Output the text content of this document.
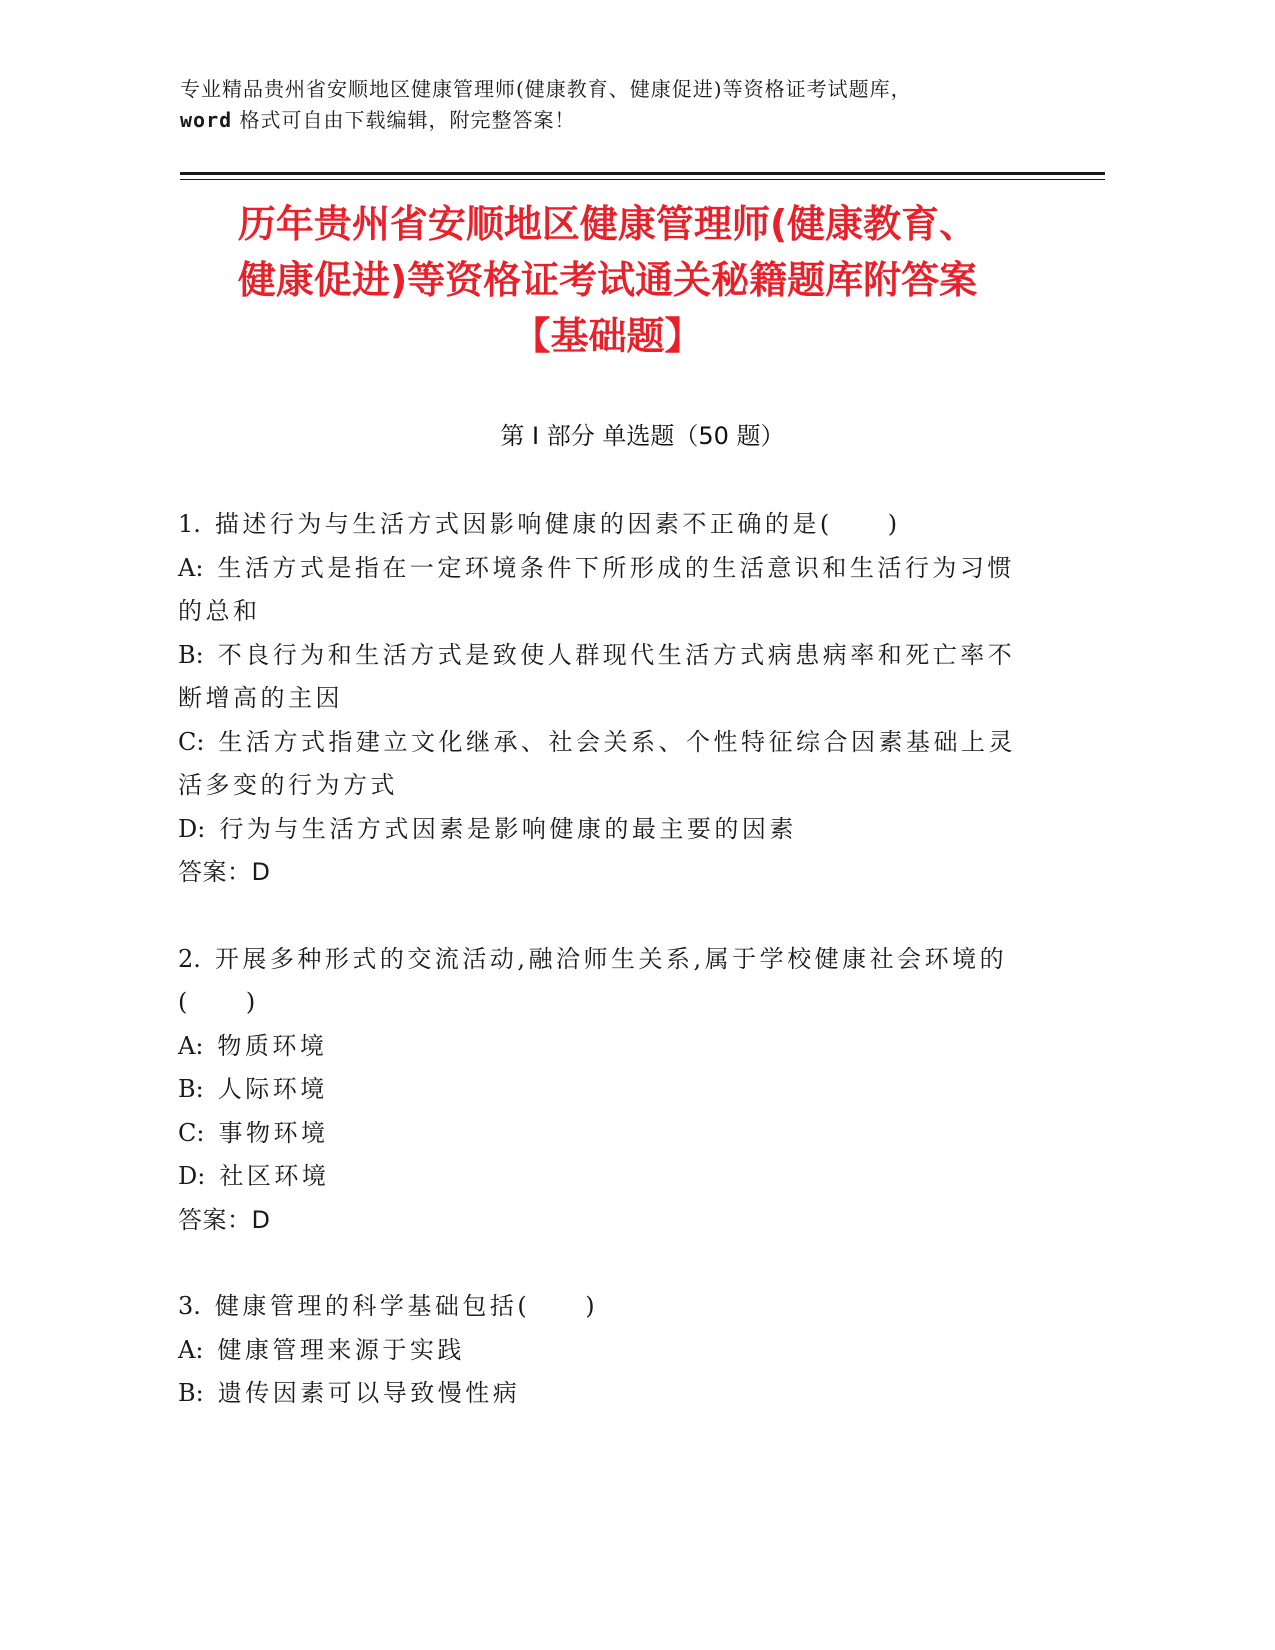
专业精品贵州省安顺地区健康管理师(健康教育、健康促进)等资格证考试题库，
word 格式可自由下载编辑，附完整答案！
历年贵州省安顺地区健康管理师(健康教育、
健康促进)等资格证考试通关秘籍题库附答案
【基础题】
第 I 部分 单选题（50 题）
1. 描述行为与生活方式因影响健康的因素不正确的是(　　)
A: 生活方式是指在一定环境条件下所形成的生活意识和生活行为习惯的总和
B: 不良行为和生活方式是致使人群现代生活方式病患病率和死亡率不断增高的主因
C: 生活方式指建立文化继承、社会关系、个性特征综合因素基础上灵活多变的行为方式
D: 行为与生活方式因素是影响健康的最主要的因素
答案：D
2. 开展多种形式的交流活动,融洽师生关系,属于学校健康社会环境的(　　)
A: 物质环境
B: 人际环境
C: 事物环境
D: 社区环境
答案：D
3. 健康管理的科学基础包括(　　)
A: 健康管理来源于实践
B: 遗传因素可以导致慢性病
